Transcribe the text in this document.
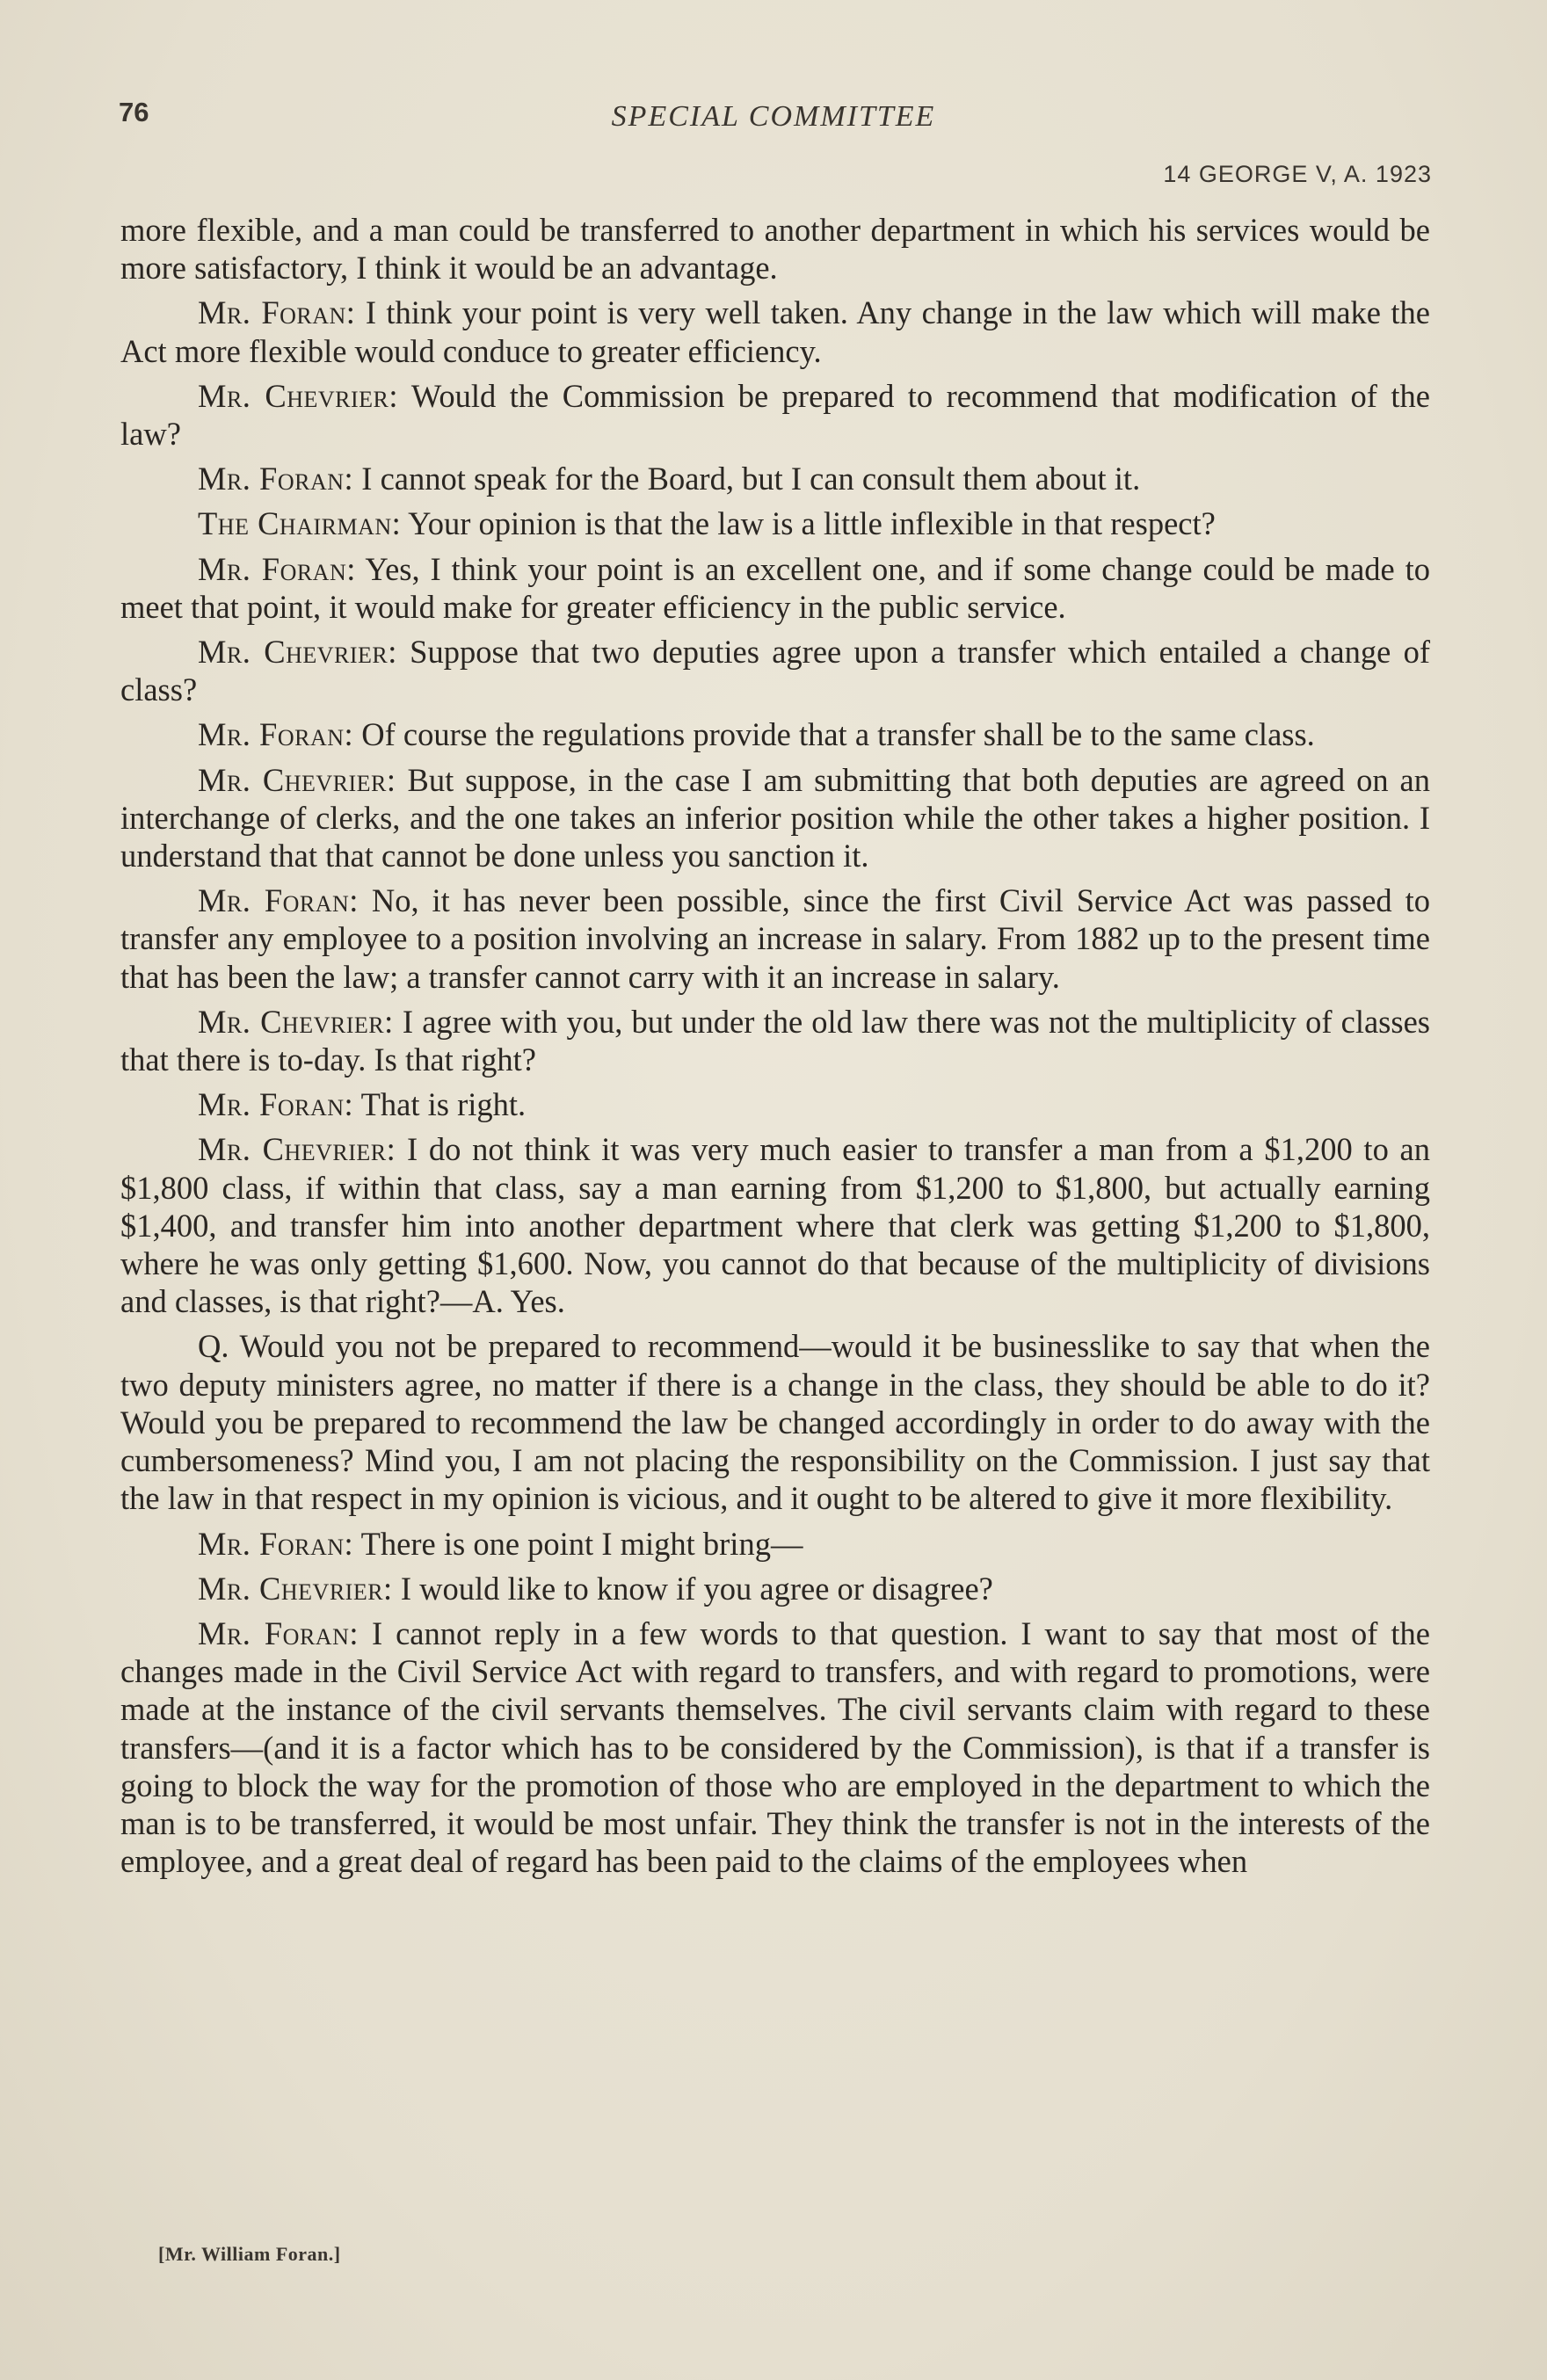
76	SPECIAL COMMITTEE
14 GEORGE V, A. 1923

more flexible, and a man could be transferred to another department in which his services would be more satisfactory, I think it would be an advantage.

Mr. Foran: I think your point is very well taken. Any change in the law which will make the Act more flexible would conduce to greater efficiency.

Mr. Chevrier: Would the Commission be prepared to recommend that modification of the law?

Mr. Foran: I cannot speak for the Board, but I can consult them about it.

The Chairman: Your opinion is that the law is a little inflexible in that respect?

Mr. Foran: Yes, I think your point is an excellent one, and if some change could be made to meet that point, it would make for greater efficiency in the public service.

Mr. Chevrier: Suppose that two deputies agree upon a transfer which entailed a change of class?

Mr. Foran: Of course the regulations provide that a transfer shall be to the same class.

Mr. Chevrier: But suppose, in the case I am submitting that both deputies are agreed on an interchange of clerks, and the one takes an inferior position while the other takes a higher position. I understand that that cannot be done unless you sanction it.

Mr. Foran: No, it has never been possible, since the first Civil Service Act was passed to transfer any employee to a position involving an increase in salary. From 1882 up to the present time that has been the law; a transfer cannot carry with it an increase in salary.

Mr. Chevrier: I agree with you, but under the old law there was not the multiplicity of classes that there is to-day. Is that right?

Mr. Foran: That is right.

Mr. Chevrier: I do not think it was very much easier to transfer a man from a $1,200 to an $1,800 class, if within that class, say a man earning from $1,200 to $1,800, but actually earning $1,400, and transfer him into another department where that clerk was getting $1,200 to $1,800, where he was only getting $1,600. Now, you cannot do that because of the multiplicity of divisions and classes, is that right?—A. Yes.

Q. Would you not be prepared to recommend—would it be businesslike to say that when the two deputy ministers agree, no matter if there is a change in the class, they should be able to do it? Would you be prepared to recommend the law be changed accordingly in order to do away with the cumbersomeness? Mind you, I am not placing the responsibility on the Commission. I just say that the law in that respect in my opinion is vicious, and it ought to be altered to give it more flexibility.

Mr. Foran: There is one point I might bring—

Mr. Chevrier: I would like to know if you agree or disagree?

Mr. Foran: I cannot reply in a few words to that question. I want to say that most of the changes made in the Civil Service Act with regard to transfers, and with regard to promotions, were made at the instance of the civil servants themselves. The civil servants claim with regard to these transfers—(and it is a factor which has to be considered by the Commission), is that if a transfer is going to block the way for the promotion of those who are employed in the department to which the man is to be transferred, it would be most unfair. They think the transfer is not in the interests of the employee, and a great deal of regard has been paid to the claims of the employees when

[Mr. William Foran.]
